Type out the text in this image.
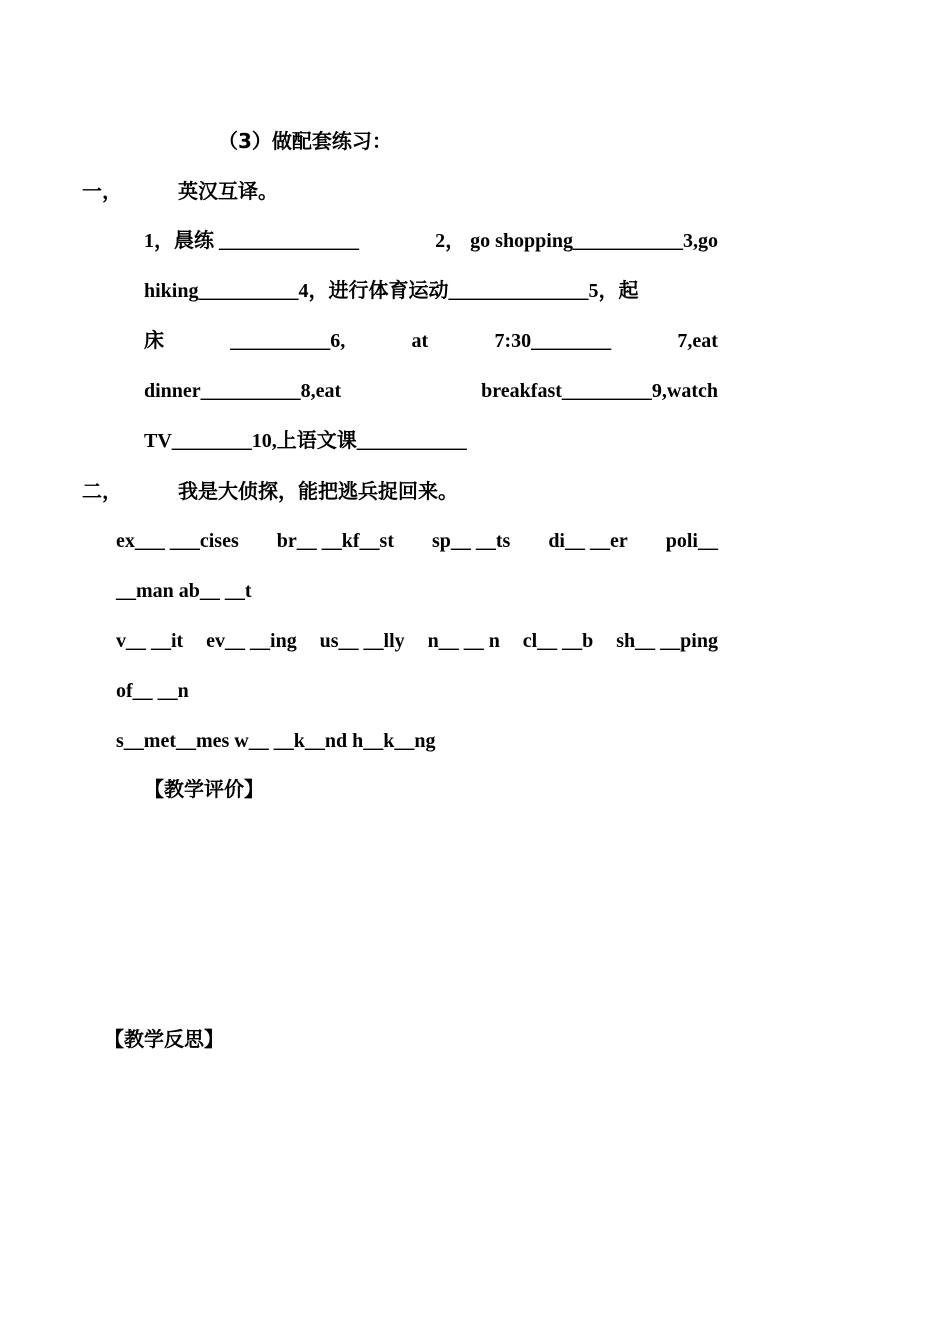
（3）做配套练习：
一，	英汉互译。
1，晨练 ______________	2， go shopping___________3,go
hiking__________4，进行体育运动______________5，起
床	__________6,	at	7:30________	7,eat
dinner__________8,eat	breakfast_________9,watch
TV________10,上语文课___________
二，	我是大侦探，能把逃兵捉回来。
ex___ ___cises br__ __kf__st sp__ __ts di__ __er poli__
__man ab__ __t
v__ __it ev__ __ing us__ __lly n__ __ n cl__ __b sh__ __ping
of__ __n
s__met__mes w__ __k__nd h__k__ng
【教学评价】
【教学反思】
